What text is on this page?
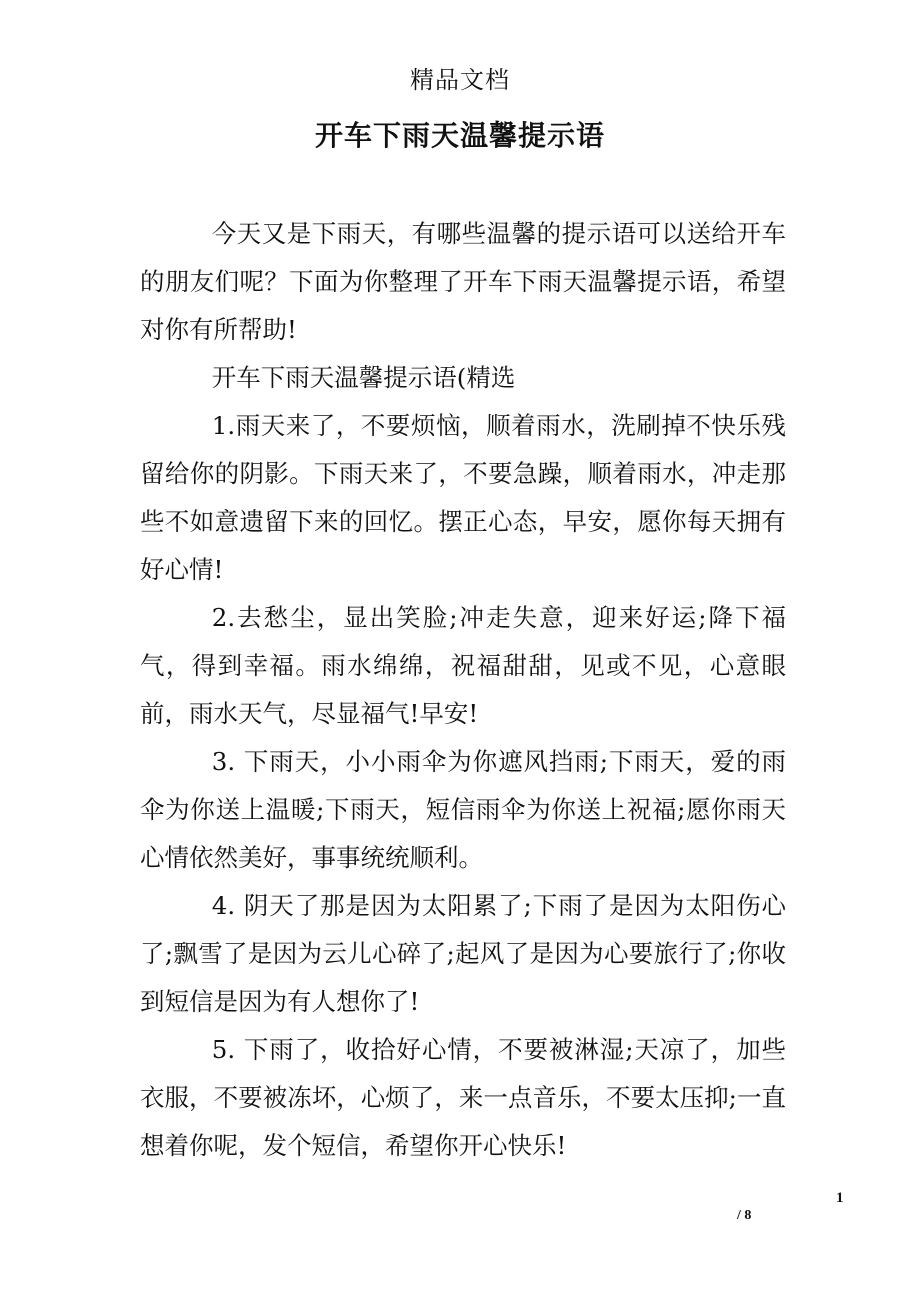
精品文档
开车下雨天温馨提示语

今天又是下雨天，有哪些温馨的提示语可以送给开车的朋友们呢？下面为你整理了开车下雨天温馨提示语，希望对你有所帮助!

开车下雨天温馨提示语(精选

1.雨天来了，不要烦恼，顺着雨水，洗刷掉不快乐残留给你的阴影。下雨天来了，不要急躁，顺着雨水，冲走那些不如意遗留下来的回忆。摆正心态，早安，愿你每天拥有好心情!

2.去愁尘，显出笑脸;冲走失意，迎来好运;降下福气，得到幸福。雨水绵绵，祝福甜甜，见或不见，心意眼前，雨水天气，尽显福气!早安!

3. 下雨天，小小雨伞为你遮风挡雨;下雨天，爱的雨伞为你送上温暖;下雨天，短信雨伞为你送上祝福;愿你雨天心情依然美好，事事统统顺利。

4. 阴天了那是因为太阳累了;下雨了是因为太阳伤心了;飘雪了是因为云儿心碎了;起风了是因为心要旅行了;你收到短信是因为有人想你了!

5. 下雨了，收拾好心情，不要被淋湿;天凉了，加些衣服，不要被冻坏，心烦了，来一点音乐，不要太压抑;一直想着你呢，发个短信，希望你开心快乐!

1
/ 8
